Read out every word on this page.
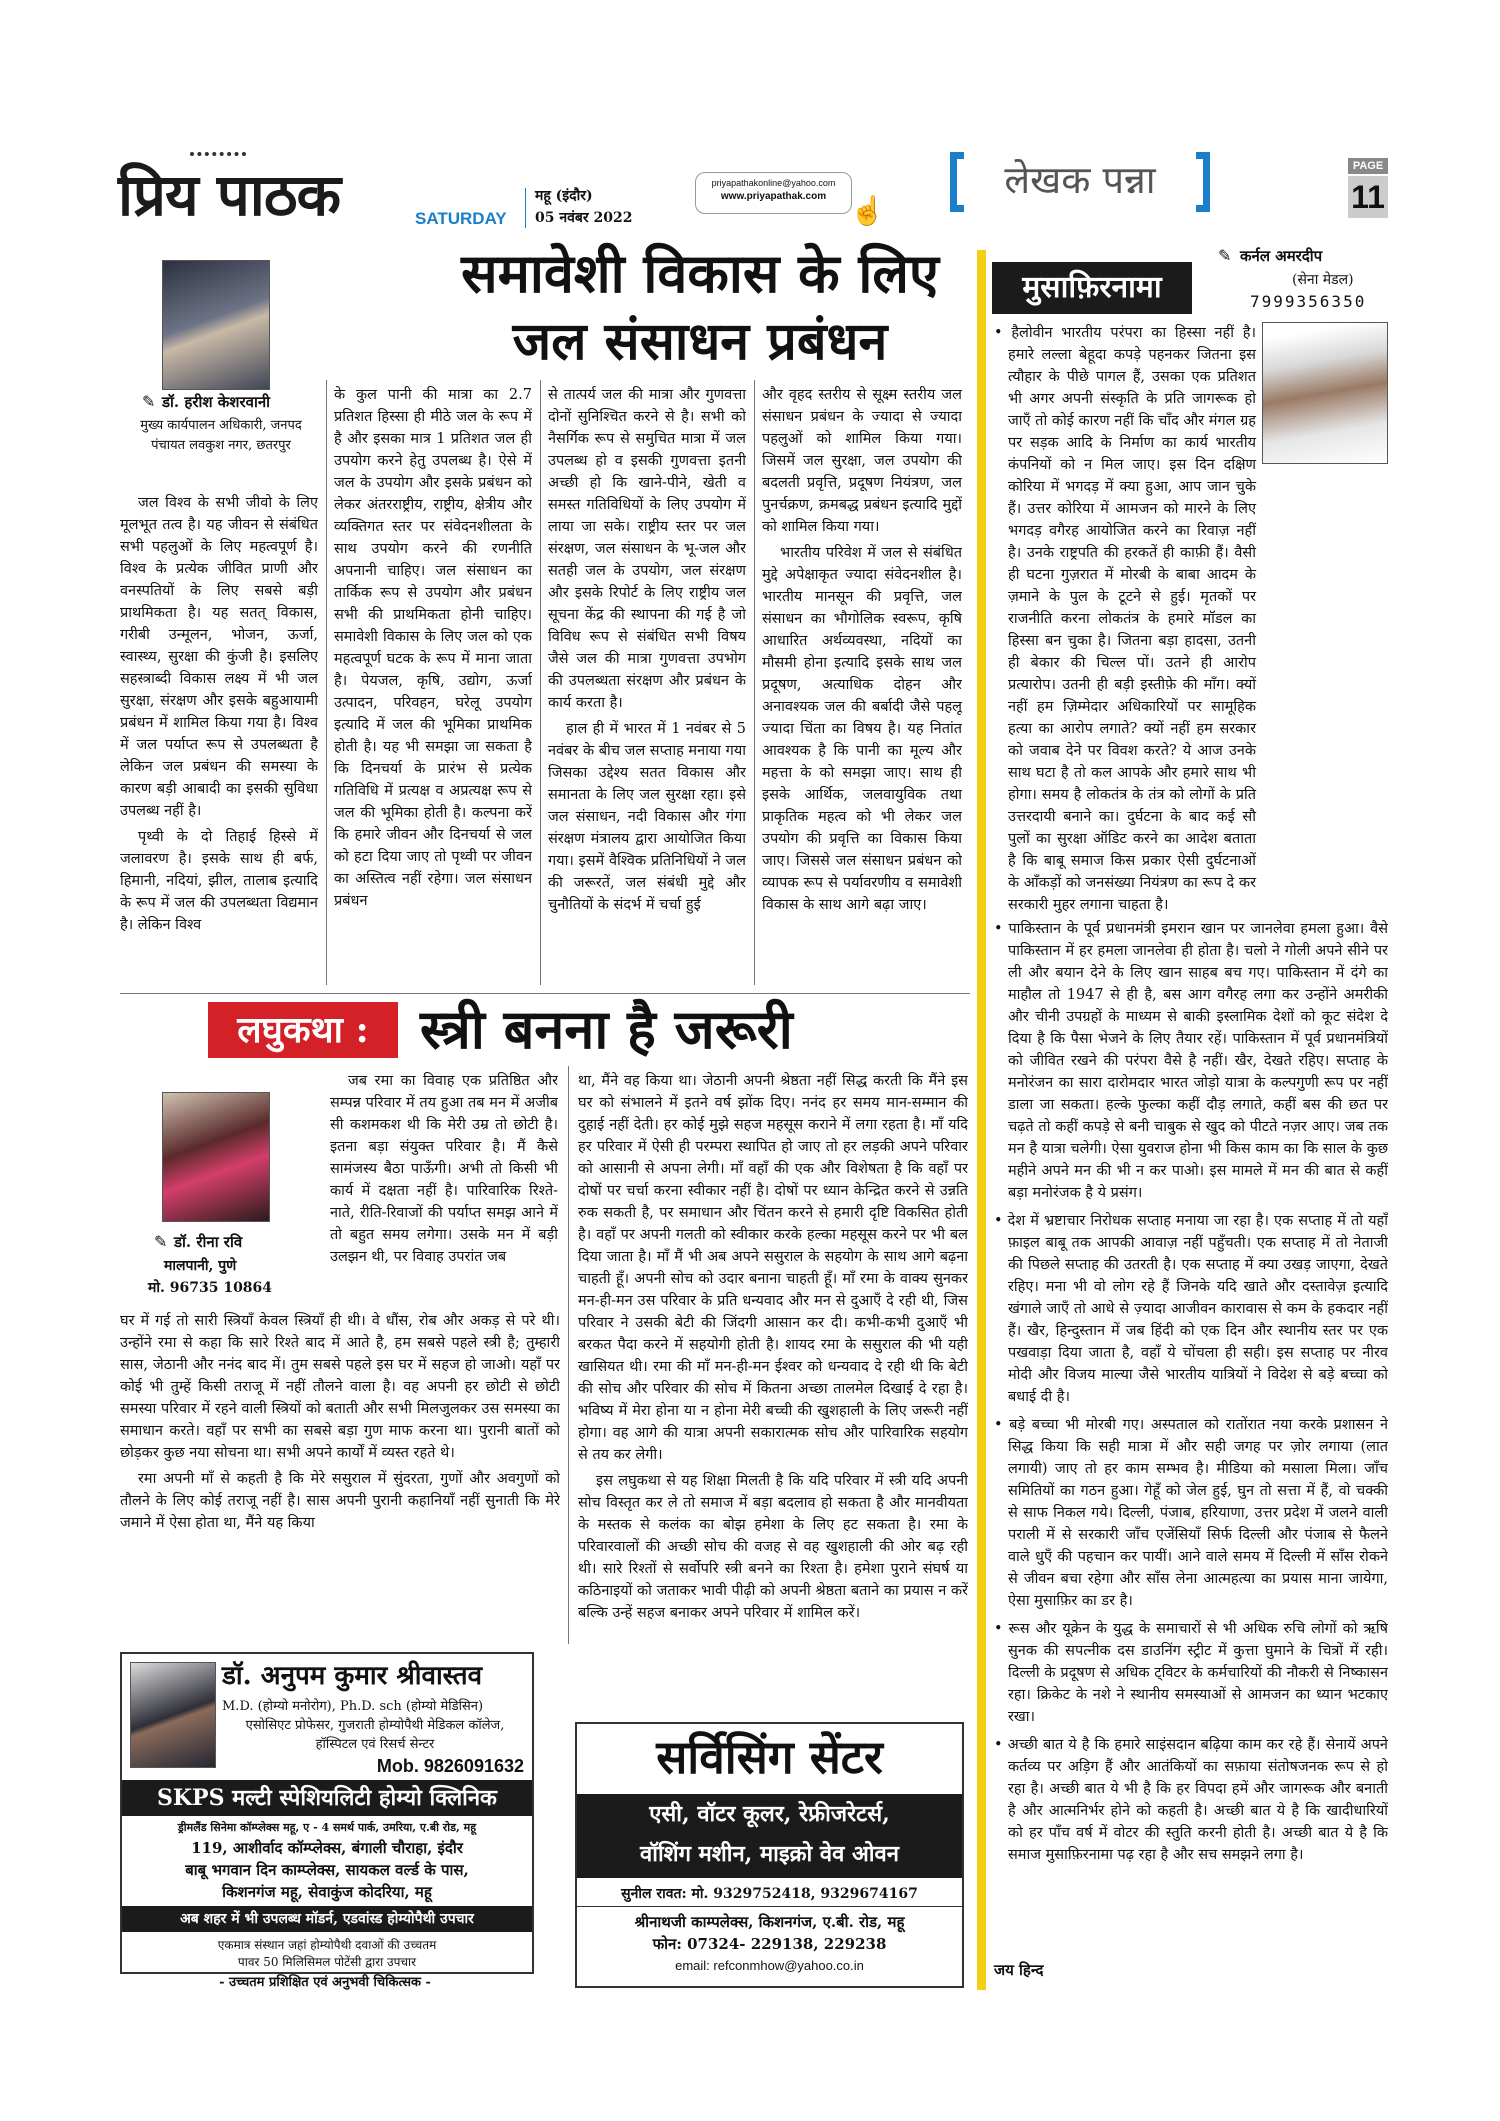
प्रिय पाठक	SATURDAY
महू (इंदौर)
05 नवंबर 2022
priyapathakonline@yahoo.com
www.priyapathak.com ☝
लेखक पन्ना	PAGE
11
समावेशी विकास के लिए
जल संसाधन प्रबंधन
✎ डॉ. हरीश केशरवानी
मुख्य कार्यपालन अधिकारी, जनपद पंचायत लवकुश नगर, छतरपुर

जल विश्व के सभी जीवो के लिए मूलभूत तत्व है। यह जीवन से संबंधित सभी पहलुओं के लिए महत्वपूर्ण है। विश्व के प्रत्येक जीवित प्राणी और वनस्पतियों के लिए सबसे बड़ी प्राथमिकता है। यह सतत् विकास, गरीबी उन्मूलन, भोजन, ऊर्जा, स्वास्थ्य, सुरक्षा की कुंजी है। इसलिए सहस्त्राब्दी विकास लक्ष्य में भी जल सुरक्षा, संरक्षण और इसके बहुआयामी प्रबंधन में शामिल किया गया है। विश्व में जल पर्याप्त रूप से उपलब्धता है लेकिन जल प्रबंधन की समस्या के कारण बड़ी आबादी का इसकी सुविधा उपलब्ध नहीं है।

पृथ्वी के दो तिहाई हिस्से में जलावरण है। इसके साथ ही बर्फ, हिमानी, नदियां, झील, तालाब इत्यादि के रूप में जल की उपलब्धता विद्यमान है। लेकिन विश्व

के कुल पानी की मात्रा का 2.7 प्रतिशत हिस्सा ही मीठे जल के रूप में है और इसका मात्र 1 प्रतिशत जल ही उपयोग करने हेतु उपलब्ध है। ऐसे में जल के उपयोग और इसके प्रबंधन को लेकर अंतरराष्ट्रीय, राष्ट्रीय, क्षेत्रीय और व्यक्तिगत स्तर पर संवेदनशीलता के साथ उपयोग करने की रणनीति अपनानी चाहिए। जल संसाधन का तार्किक रूप से उपयोग और प्रबंधन सभी की प्राथमिकता होनी चाहिए। समावेशी विकास के लिए जल को एक महत्वपूर्ण घटक के रूप में माना जाता है। पेयजल, कृषि, उद्योग, ऊर्जा उत्पादन, परिवहन, घरेलू उपयोग इत्यादि में जल की भूमिका प्राथमिक होती है। यह भी समझा जा सकता है कि दिनचर्या के प्रारंभ से प्रत्येक गतिविधि में प्रत्यक्ष व अप्रत्यक्ष रूप से जल की भूमिका होती है। कल्पना करें कि हमारे जीवन और दिनचर्या से जल को हटा दिया जाए तो पृथ्वी पर जीवन का अस्तित्व नहीं रहेगा। जल संसाधन प्रबंधन

से तात्पर्य जल की मात्रा और गुणवत्ता दोनों सुनिश्चित करने से है। सभी को नैसर्गिक रूप से समुचित मात्रा में जल उपलब्ध हो व इसकी गुणवत्ता इतनी अच्छी हो कि खाने-पीने, खेती व समस्त गतिविधियों के लिए उपयोग में लाया जा सके। राष्ट्रीय स्तर पर जल संरक्षण, जल संसाधन के भू-जल और सतही जल के उपयोग, जल संरक्षण और इसके रिपोर्ट के लिए राष्ट्रीय जल सूचना केंद्र की स्थापना की गई है जो विविध रूप से संबंधित सभी विषय जैसे जल की मात्रा गुणवत्ता उपभोग की उपलब्धता संरक्षण और प्रबंधन के कार्य करता है।

हाल ही में भारत में 1 नवंबर से 5 नवंबर के बीच जल सप्ताह मनाया गया जिसका उद्देश्य सतत विकास और समानता के लिए जल सुरक्षा रहा। इसे जल संसाधन, नदी विकास और गंगा संरक्षण मंत्रालय द्वारा आयोजित किया गया। इसमें वैश्विक प्रतिनिधियों ने जल की जरूरतें, जल संबंधी मुद्दे और चुनौतियों के संदर्भ में चर्चा हुई

और वृहद स्तरीय से सूक्ष्म स्तरीय जल संसाधन प्रबंधन के ज्यादा से ज्यादा पहलुओं को शामिल किया गया। जिसमें जल सुरक्षा, जल उपयोग की बदलती प्रवृत्ति, प्रदूषण नियंत्रण, जल पुनर्चक्रण, क्रमबद्ध प्रबंधन इत्यादि मुद्दों को शामिल किया गया।

भारतीय परिवेश में जल से संबंधित मुद्दे अपेक्षाकृत ज्यादा संवेदनशील है। भारतीय मानसून की प्रवृत्ति, जल संसाधन का भौगोलिक स्वरूप, कृषि आधारित अर्थव्यवस्था, नदियों का मौसमी होना इत्यादि इसके साथ जल प्रदूषण, अत्याधिक दोहन और अनावश्यक जल की बर्बादी जैसे पहलू ज्यादा चिंता का विषय है। यह नितांत आवश्यक है कि पानी का मूल्य और महत्ता के को समझा जाए। साथ ही इसके आर्थिक, जलवायुविक तथा प्राकृतिक महत्व को भी लेकर जल उपयोग की प्रवृत्ति का विकास किया जाए। जिससे जल संसाधन प्रबंधन को व्यापक रूप से पर्यावरणीय व समावेशी विकास के साथ आगे बढ़ा जाए।

लघुकथा : स्त्री बनना है जरूरी
✎ डॉ. रीना रवि
मालपानी, पुणे
मो. 96735 10864

जब रमा का विवाह एक प्रतिष्ठित और सम्पन्न परिवार में तय हुआ तब मन में अजीब सी कशमकश थी कि मेरी उम्र तो छोटी है। इतना बड़ा संयुक्त परिवार है। मैं कैसे सामंजस्य बैठा पाऊँगी। अभी तो किसी भी कार्य में दक्षता नहीं है। पारिवारिक रिश्ते-नाते, रीति-रिवाजों की पर्याप्त समझ आने में तो बहुत समय लगेगा। उसके मन में बड़ी उलझन थी, पर विवाह उपरांत जब

घर में गई तो सारी स्त्रियाँ केवल स्त्रियाँ ही थी। वे धौंस, रोब और अकड़ से परे थी। उन्होंने रमा से कहा कि सारे रिश्ते बाद में आते है, हम सबसे पहले स्त्री है; तुम्हारी सास, जेठानी और ननंद बाद में। तुम सबसे पहले इस घर में सहज हो जाओ। यहाँ पर कोई भी तुम्हें किसी तराजू में नहीं तौलने वाला है। वह अपनी हर छोटी से छोटी समस्या परिवार में रहने वाली स्त्रियों को बताती और सभी मिलजुलकर उस समस्या का समाधान करते। वहाँ पर सभी का सबसे बड़ा गुण माफ करना था। पुरानी बातों को छोड़कर कुछ नया सोचना था। सभी अपने कार्यों में व्यस्त रहते थे।

रमा अपनी माँ से कहती है कि मेरे ससुराल में सुंदरता, गुणों और अवगुणों को तौलने के लिए कोई तराजू नहीं है। सास अपनी पुरानी कहानियाँ नहीं सुनाती कि मेरे जमाने में ऐसा होता था, मैंने यह किया

था, मैंने वह किया था। जेठानी अपनी श्रेष्ठता नहीं सिद्ध करती कि मैंने इस घर को संभालने में इतने वर्ष झोंक दिए। ननंद हर समय मान-सम्मान की दुहाई नहीं देती। हर कोई मुझे सहज महसूस कराने में लगा रहता है। माँ यदि हर परिवार में ऐसी ही परम्परा स्थापित हो जाए तो हर लड़की अपने परिवार को आसानी से अपना लेगी। माँ वहाँ की एक और विशेषता है कि वहाँ पर दोषों पर चर्चा करना स्वीकार नहीं है। दोषों पर ध्यान केन्द्रित करने से उन्नति रुक सकती है, पर समाधान और चिंतन करने से हमारी दृष्टि विकसित होती है। वहाँ पर अपनी गलती को स्वीकार करके हल्का महसूस करने पर भी बल दिया जाता है। माँ मैं भी अब अपने ससुराल के सहयोग के साथ आगे बढ़ना चाहती हूँ। अपनी सोच को उदार बनाना चाहती हूँ। माँ रमा के वाक्य सुनकर मन-ही-मन उस परिवार के प्रति धन्यवाद और मन से दुआएँ दे रही थी, जिस परिवार ने उसकी बेटी की जिंदगी आसान कर दी। कभी-कभी दुआएँ भी बरकत पैदा करने में सहयोगी होती है। शायद रमा के ससुराल की भी यही खासियत थी। रमा की माँ मन-ही-मन ईश्वर को धन्यवाद दे रही थी कि बेटी की सोच और परिवार की सोच में कितना अच्छा तालमेल दिखाई दे रहा है। भविष्य में मेरा होना या न होना मेरी बच्ची की खुशहाली के लिए जरूरी नहीं होगा। वह आगे की यात्रा अपनी सकारात्मक सोच और पारिवारिक सहयोग से तय कर लेगी।

इस लघुकथा से यह शिक्षा मिलती है कि यदि परिवार में स्त्री यदि अपनी सोच विस्तृत कर ले तो समाज में बड़ा बदलाव हो सकता है और मानवीयता के मस्तक से कलंक का बोझ हमेशा के लिए हट सकता है। रमा के परिवारवालों की अच्छी सोच की वजह से वह खुशहाली की ओर बढ़ रही थी। सारे रिश्तों से सर्वोपरि स्त्री बनने का रिश्ता है। हमेशा पुराने संघर्ष या कठिनाइयों को जताकर भावी पीढ़ी को अपनी श्रेष्ठता बताने का प्रयास न करें बल्कि उन्हें सहज बनाकर अपने परिवार में शामिल करें।

डॉ. अनुपम कुमार श्रीवास्तव
M.D. (होम्यो मनोरोग), Ph.D. sch (होम्यो मेडिसिन)
एसोसिएट प्रोफेसर, गुजराती होम्योपैथी मेडिकल कॉलेज, हॉस्पिटल एवं रिसर्च सेन्टर
Mob. 9826091632
SKPS मल्टी स्पेशियलिटी होम्यो क्लिनिक
ड्रीमलैंड सिनेमा कॉम्प्लेक्स महू, ए - 4 समर्थ पार्क, उमरिया, ए.बी रोड, महू
119, आशीर्वाद कॉम्प्लेक्स, बंगाली चौराहा, इंदौर
बाबू भगवान दिन काम्प्लेक्स, सायकल वर्ल्ड के पास,
किशनगंज महू, सेवाकुंज कोदरिया, महू
अब शहर में भी उपलब्ध मॉडर्न, एडवांस्ड होम्योपैथी उपचार
एकमात्र संस्थान जहां होम्योपैथी दवाओं की उच्चतम
पावर 50 मिलिसिमल पोटेंसी द्वारा उपचार
- उच्चतम प्रशिक्षित एवं अनुभवी चिकित्सक -
सर्विसिंग सेंटर
एसी, वॉटर कूलर, रेफ्रीजरेटर्स,
वॉशिंग मशीन, माइक्रो वेव ओवन
सुनील रावत: मो. 9329752418, 9329674167
श्रीनाथजी काम्पलेक्स, किशनगंज, ए.बी. रोड, महू
फोन: 07324- 229138, 229238
email: refconmhow@yahoo.co.in
मुसाफ़िरनामा
✎ कर्नल अमरदीप
(सेना मेडल)
7999356350

• हैलोवीन भारतीय परंपरा का हिस्सा नहीं है। हमारे लल्ला बेहूदा कपड़े पहनकर जितना इस त्यौहार के पीछे पागल हैं, उसका एक प्रतिशत भी अगर अपनी संस्कृति के प्रति जागरूक हो जाएँ तो कोई कारण नहीं कि चाँद और मंगल ग्रह पर सड़क आदि के निर्माण का कार्य भारतीय कंपनियों को न मिल जाए। इस दिन दक्षिण कोरिया में भगदड़ में क्या हुआ, आप जान चुके हैं। उत्तर कोरिया में आमजन को मारने के लिए भगदड़ वगैरह आयोजित करने का रिवाज़ नहीं है। उनके राष्ट्रपति की हरकतें ही काफ़ी हैं। वैसी ही घटना गुज़रात में मोरबी के बाबा आदम के ज़माने के पुल के टूटने से हुई। मृतकों पर राजनीति करना लोकतंत्र के हमारे मॉडल का हिस्सा बन चुका है। जितना बड़ा हादसा, उतनी ही बेकार की चिल्ल पों। उतने ही आरोप प्रत्यारोप। उतनी ही बड़ी इस्तीफ़े की माँग। क्यों नहीं हम ज़िम्मेदार अधिकारियों पर सामूहिक हत्या का आरोप लगाते? क्यों नहीं हम सरकार को जवाब देने पर विवश करते? ये आज उनके साथ घटा है तो कल आपके और हमारे साथ भी होगा। समय है लोकतंत्र के तंत्र को लोगों के प्रति उत्तरदायी बनाने का। दुर्घटना के बाद कई सौ पुलों का सुरक्षा ऑडिट करने का आदेश बताता है कि बाबू समाज किस प्रकार ऐसी दुर्घटनाओं के आँकड़ों को जनसंख्या नियंत्रण का रूप दे कर सरकारी मुहर लगाना चाहता है।

• पाकिस्तान के पूर्व प्रधानमंत्री इमरान खान पर जानलेवा हमला हुआ। वैसे पाकिस्तान में हर हमला जानलेवा ही होता है। चलो ने गोली अपने सीने पर ली और बयान देने के लिए खान साहब बच गए। पाकिस्तान में दंगे का माहौल तो 1947 से ही है, बस आग वगैरह लगा कर उन्होंने अमरीकी और चीनी उपग्रहों के माध्यम से बाकी इस्लामिक देशों को कूट संदेश दे दिया है कि पैसा भेजने के लिए तैयार रहें। पाकिस्तान में पूर्व प्रधानमंत्रियों को जीवित रखने की परंपरा वैसे है नहीं। खैर, देखते रहिए। सप्ताह के मनोरंजन का सारा दारोमदार भारत जोड़ो यात्रा के कल्पगुणी रूप पर नहीं डाला जा सकता। हल्के फुल्का कहीं दौड़ लगाते, कहीं बस की छत पर चढ़ते तो कहीं कपड़े से बनी चाबुक से खुद को पीटते नज़र आए। जब तक मन है यात्रा चलेगी। ऐसा युवराज होना भी किस काम का कि साल के कुछ महीने अपने मन की भी न कर पाओ। इस मामले में मन की बात से कहीं बड़ा मनोरंजक है ये प्रसंग।

• देश में भ्रष्टाचार निरोधक सप्ताह मनाया जा रहा है। एक सप्ताह में तो यहाँ फ़ाइल बाबू तक आपकी आवाज़ नहीं पहुँचती। एक सप्ताह में तो नेताजी की पिछले सप्ताह की उतरती है। एक सप्ताह में क्या उखड़ जाएगा, देखते रहिए। मना भी वो लोग रहे हैं जिनके यदि खाते और दस्तावेज़ इत्यादि खंगाले जाएँ तो आधे से ज़्यादा आजीवन कारावास से कम के हकदार नहीं हैं। खैर, हिन्दुस्तान में जब हिंदी को एक दिन और स्थानीय स्तर पर एक पखवाड़ा दिया जाता है, वहाँ ये चोंचला ही सही। इस सप्ताह पर नीरव मोदी और विजय माल्या जैसे भारतीय यात्रियों ने विदेश से बड़े बच्चा को बधाई दी है।

• बड़े बच्चा भी मोरबी गए। अस्पताल को रातोंरात नया करके प्रशासन ने सिद्ध किया कि सही मात्रा में और सही जगह पर ज़ोर लगाया (लात लगायी) जाए तो हर काम सम्भव है। मीडिया को मसाला मिला। जाँच समितियों का गठन हुआ। गेहूँ को जेल हुई, घुन तो सत्ता में हैं, वो चक्की से साफ निकल गये। दिल्ली, पंजाब, हरियाणा, उत्तर प्रदेश में जलने वाली पराली में से सरकारी जाँच एजेंसियाँ सिर्फ दिल्ली और पंजाब से फैलने वाले धुएँ की पहचान कर पायीं। आने वाले समय में दिल्ली में साँस रोकने से जीवन बचा रहेगा और साँस लेना आत्महत्या का प्रयास माना जायेगा, ऐसा मुसाफ़िर का डर है।

• रूस और यूक्रेन के युद्ध के समाचारों से भी अधिक रुचि लोगों को ऋषि सुनक की सपत्नीक दस डाउनिंग स्ट्रीट में कुत्ता घुमाने के चित्रों में रही। दिल्ली के प्रदूषण से अधिक ट्विटर के कर्मचारियों की नौकरी से निष्कासन रहा। क्रिकेट के नशे ने स्थानीय समस्याओं से आमजन का ध्यान भटकाए रखा।

• अच्छी बात ये है कि हमारे साइंसदान बढ़िया काम कर रहे हैं। सेनायें अपने कर्तव्य पर अड़िग हैं और आतंकियों का सफ़ाया संतोषजनक रूप से हो रहा है। अच्छी बात ये भी है कि हर विपदा हमें और जागरूक और बनाती है और आत्मनिर्भर होने को कहती है। अच्छी बात ये है कि खादीधारियों को हर पाँच वर्ष में वोटर की स्तुति करनी होती है। अच्छी बात ये है कि समाज मुसाफ़िरनामा पढ़ रहा है और सच समझने लगा है।

जय हिन्द
